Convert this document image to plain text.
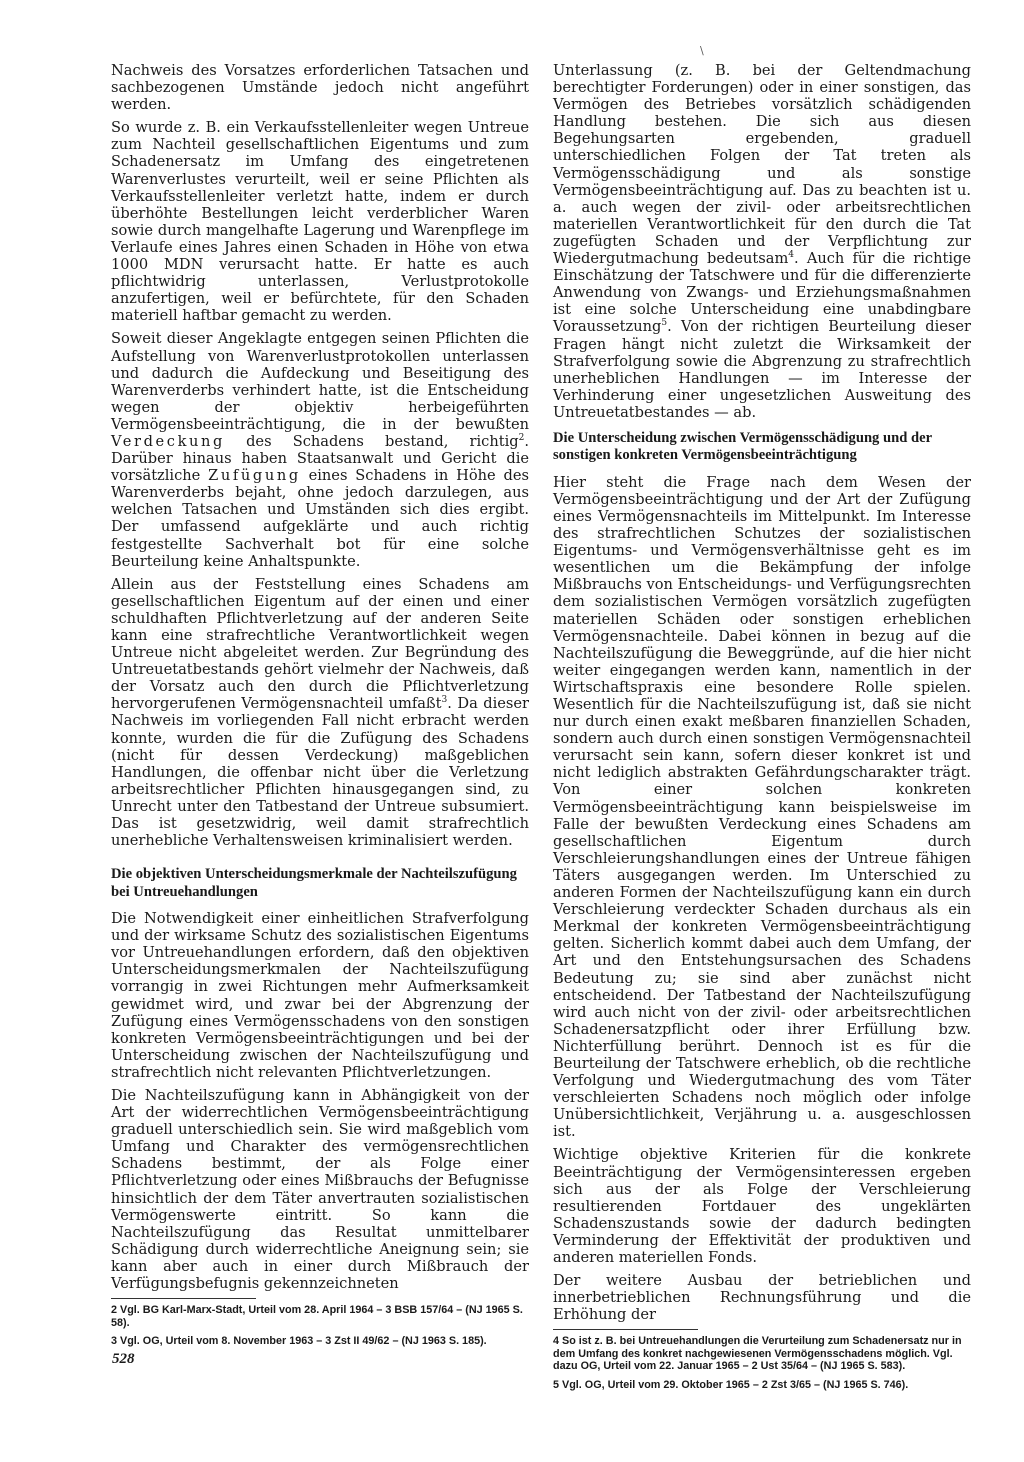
\

Nachweis des Vorsatzes erforderlichen Tatsachen und sachbezogenen Umstände jedoch nicht angeführt werden.

So wurde z. B. ein Verkaufsstellenleiter wegen Untreue zum Nachteil gesellschaftlichen Eigentums und zum Schadenersatz im Umfang des eingetretenen Warenverlustes verurteilt, weil er seine Pflichten als Verkaufsstellenleiter verletzt hatte, indem er durch überhöhte Bestellungen leicht verderblicher Waren sowie durch mangelhafte Lagerung und Warenpflege im Verlaufe eines Jahres einen Schaden in Höhe von etwa 1000 MDN verursacht hatte. Er hatte es auch pflichtwidrig unterlassen, Verlustprotokolle anzufertigen, weil er befürchtete, für den Schaden materiell haftbar gemacht zu werden.

Soweit dieser Angeklagte entgegen seinen Pflichten die Aufstellung von Warenverlustprotokollen unterlassen und dadurch die Aufdeckung und Beseitigung des Warenverderbs verhindert hatte, ist die Entscheidung wegen der objektiv herbeigeführten Vermögensbeeinträchtigung, die in der bewußten Verdeckung des Schadens bestand, richtig$^2$. Darüber hinaus haben Staatsanwalt und Gericht die vorsätzliche Zufügung eines Schadens in Höhe des Warenverderbs bejaht, ohne jedoch darzulegen, aus welchen Tatsachen und Umständen sich dies ergibt. Der umfassend aufgeklärte und auch richtig festgestellte Sachverhalt bot für eine solche Beurteilung keine Anhaltspunkte.

Allein aus der Feststellung eines Schadens am gesellschaftlichen Eigentum auf der einen und einer schuldhaften Pflichtverletzung auf der anderen Seite kann eine strafrechtliche Verantwortlichkeit wegen Untreue nicht abgeleitet werden. Zur Begründung des Untreuetatbestands gehört vielmehr der Nachweis, daß der Vorsatz auch den durch die Pflichtverletzung hervorgerufenen Vermögensnachteil umfaßt$^3$. Da dieser Nachweis im vorliegenden Fall nicht erbracht werden konnte, wurden die für die Zufügung des Schadens (nicht für dessen Verdeckung) maßgeblichen Handlungen, die offenbar nicht über die Verletzung arbeitsrechtlicher Pflichten hinausgegangen sind, zu Unrecht unter den Tatbestand der Untreue subsumiert. Das ist gesetzwidrig, weil damit strafrechtlich unerhebliche Verhaltensweisen kriminalisiert werden.

Die objektiven Unterscheidungsmerkmale der Nachteilszufügung bei Untreuehandlungen

Die Notwendigkeit einer einheitlichen Strafverfolgung und der wirksame Schutz des sozialistischen Eigentums vor Untreuehandlungen erfordern, daß den objektiven Unterscheidungsmerkmalen der Nachteilszufügung vorrangig in zwei Richtungen mehr Aufmerksamkeit gewidmet wird, und zwar bei der Abgrenzung der Zufügung eines Vermögensschadens von den sonstigen konkreten Vermögensbeeinträchtigungen und bei der Unterscheidung zwischen der Nachteilszufügung und strafrechtlich nicht relevanten Pflichtverletzungen.

Die Nachteilszufügung kann in Abhängigkeit von der Art der widerrechtlichen Vermögensbeeinträchtigung graduell unterschiedlich sein. Sie wird maßgeblich vom Umfang und Charakter des vermögensrechtlichen Schadens bestimmt, der als Folge einer Pflichtverletzung oder eines Mißbrauchs der Befugnisse hinsichtlich der dem Täter anvertrauten sozialistischen Vermögenswerte eintritt. So kann die Nachteilszufügung das Resultat unmittelbarer Schädigung durch widerrechtliche Aneignung sein; sie kann aber auch in einer durch Mißbrauch der Verfügungsbefugnis gekennzeichneten

2 Vgl. BG Karl-Marx-Stadt, Urteil vom 28. April 1964 – 3 BSB 157/64 – (NJ 1965 S. 58).

3 Vgl. OG, Urteil vom 8. November 1963 – 3 Zst II 49/62 – (NJ 1963 S. 185).

Unterlassung (z. B. bei der Geltendmachung berechtigter Forderungen) oder in einer sonstigen, das Vermögen des Betriebes vorsätzlich schädigenden Handlung bestehen. Die sich aus diesen Begehungsarten ergebenden, graduell unterschiedlichen Folgen der Tat treten als Vermögensschädigung und als sonstige Vermögensbeeinträchtigung auf. Das zu beachten ist u. a. auch wegen der zivil- oder arbeitsrechtlichen materiellen Verantwortlichkeit für den durch die Tat zugefügten Schaden und der Verpflichtung zur Wiedergutmachung bedeutsam$^4$. Auch für die richtige Einschätzung der Tatschwere und für die differenzierte Anwendung von Zwangs- und Erziehungsmaßnahmen ist eine solche Unterscheidung eine unabdingbare Voraussetzung$^5$. Von der richtigen Beurteilung dieser Fragen hängt nicht zuletzt die Wirksamkeit der Strafverfolgung sowie die Abgrenzung zu strafrechtlich unerheblichen Handlungen — im Interesse der Verhinderung einer ungesetzlichen Ausweitung des Untreuetatbestandes — ab.

Die Unterscheidung zwischen Vermögensschädigung und der sonstigen konkreten Vermögensbeeinträchtigung

Hier steht die Frage nach dem Wesen der Vermögensbeeinträchtigung und der Art der Zufügung eines Vermögensnachteils im Mittelpunkt. Im Interesse des strafrechtlichen Schutzes der sozialistischen Eigentums- und Vermögensverhältnisse geht es im wesentlichen um die Bekämpfung der infolge Mißbrauchs von Entscheidungs- und Verfügungsrechten dem sozialistischen Vermögen vorsätzlich zugefügten materiellen Schäden oder sonstigen erheblichen Vermögensnachteile. Dabei können in bezug auf die Nachteilszufügung die Beweggründe, auf die hier nicht weiter eingegangen werden kann, namentlich in der Wirtschaftspraxis eine besondere Rolle spielen. Wesentlich für die Nachteilszufügung ist, daß sie nicht nur durch einen exakt meßbaren finanziellen Schaden, sondern auch durch einen sonstigen Vermögensnachteil verursacht sein kann, sofern dieser konkret ist und nicht lediglich abstrakten Gefährdungscharakter trägt. Von einer solchen konkreten Vermögensbeeinträchtigung kann beispielsweise im Falle der bewußten Verdeckung eines Schadens am gesellschaftlichen Eigentum durch Verschleierungshandlungen eines der Untreue fähigen Täters ausgegangen werden. Im Unterschied zu anderen Formen der Nachteilszufügung kann ein durch Verschleierung verdeckter Schaden durchaus als ein Merkmal der konkreten Vermögensbeeinträchtigung gelten. Sicherlich kommt dabei auch dem Umfang, der Art und den Entstehungsursachen des Schadens Bedeutung zu; sie sind aber zunächst nicht entscheidend. Der Tatbestand der Nachteilszufügung wird auch nicht von der zivil- oder arbeitsrechtlichen Schadenersatzpflicht oder ihrer Erfüllung bzw. Nichterfüllung berührt. Dennoch ist es für die Beurteilung der Tatschwere erheblich, ob die rechtliche Verfolgung und Wiedergutmachung des vom Täter verschleierten Schadens noch möglich oder infolge Unübersichtlichkeit, Verjährung u. a. ausgeschlossen ist.

Wichtige objektive Kriterien für die konkrete Beeinträchtigung der Vermögensinteressen ergeben sich aus der als Folge der Verschleierung resultierenden Fortdauer des ungeklärten Schadenszustands sowie der dadurch bedingten Verminderung der Effektivität der produktiven und anderen materiellen Fonds.

Der weitere Ausbau der betrieblichen und innerbetrieblichen Rechnungsführung und die Erhöhung der

4 So ist z. B. bei Untreuehandlungen die Verurteilung zum Schadenersatz nur in dem Umfang des konkret nachgewiesenen Vermögensschadens möglich. Vgl. dazu OG, Urteil vom 22. Januar 1965 – 2 Ust 35/64 – (NJ 1965 S. 583).

5 Vgl. OG, Urteil vom 29. Oktober 1965 – 2 Zst 3/65 – (NJ 1965 S. 746).

528
